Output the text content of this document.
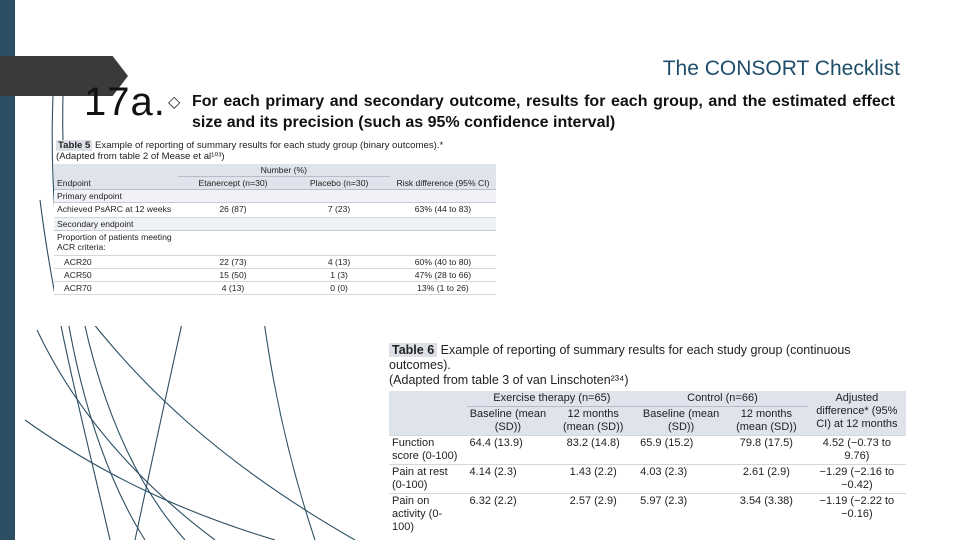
The CONSORT Checklist
17a. ◇ For each primary and secondary outcome, results for each group, and the estimated effect size and its precision (such as 95% confidence interval)
Table 5 Example of reporting of summary results for each study group (binary outcomes).*
(Adapted from table 2 of Mease et al¹⁰³)
	Number (%)		
Endpoint	Etanercept (n=30)	Placebo (n=30)	Risk difference (95% CI)
Primary endpoint			
Achieved PsARC at 12 weeks	26 (87)	7 (23)	63% (44 to 83)
Secondary endpoint			
Proportion of patients meeting ACR criteria:			
ACR20	22 (73)	4 (13)	60% (40 to 80)
ACR50	15 (50)	1 (3)	47% (28 to 66)
ACR70	4 (13)	0 (0)	13% (1 to 26)
Table 6 Example of reporting of summary results for each study group (continuous outcomes).
(Adapted from table 3 of van Linschoten²³⁴)
	Exercise therapy (n=65)		Control (n=66)		Adjusted difference* (95% CI) at 12 months
	Baseline (mean (SD))	12 months (mean (SD))	Baseline (mean (SD))	12 months (mean (SD))	
Function score (0-100)	64.4 (13.9)	83.2 (14.8)	65.9 (15.2)	79.8 (17.5)	4.52 (−0.73 to 9.76)
Pain at rest (0-100)	4.14 (2.3)	1.43 (2.2)	4.03 (2.3)	2.61 (2.9)	−1.29 (−2.16 to −0.42)
Pain on activity (0-100)	6.32 (2.2)	2.57 (2.9)	5.97 (2.3)	3.54 (3.38)	−1.19 (−2.22 to −0.16)
